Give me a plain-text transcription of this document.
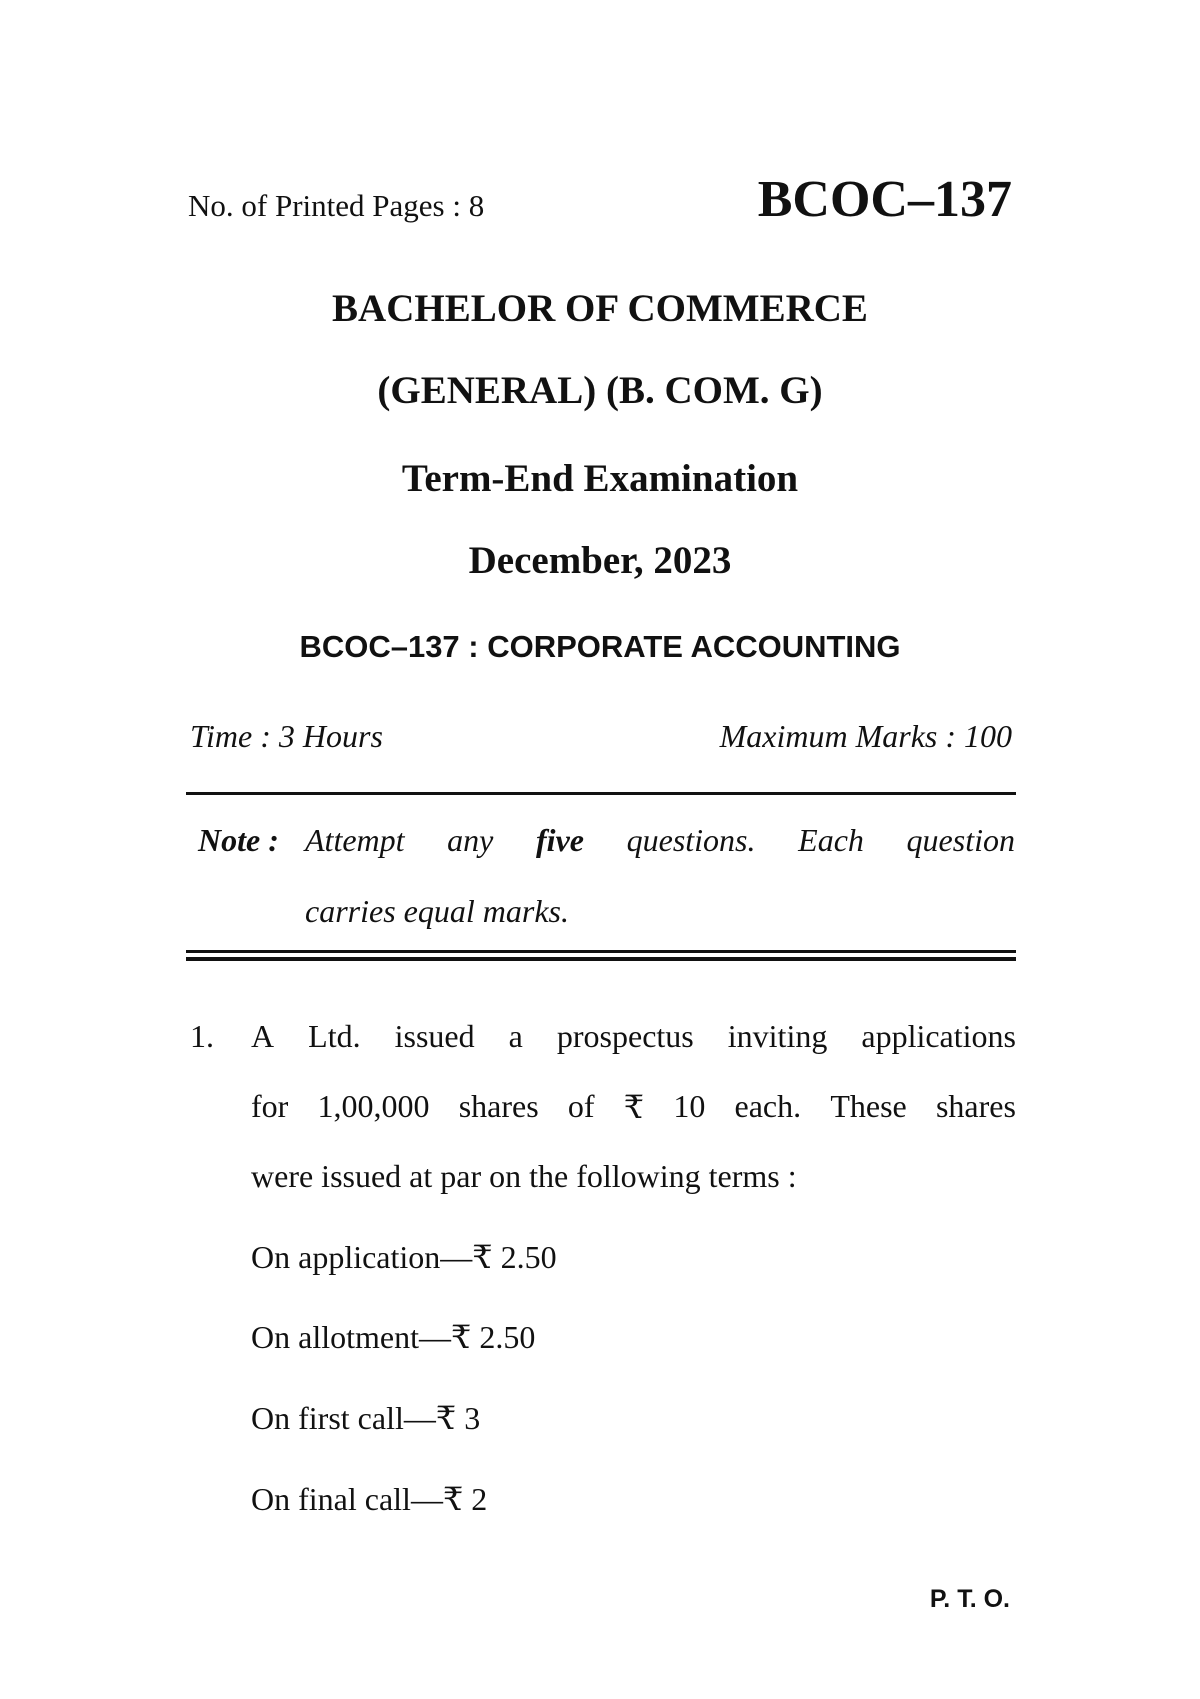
No. of Printed Pages : 8	BCOC–137
BACHELOR OF COMMERCE
(GENERAL) (B. COM. G)
Term-End Examination
December, 2023
BCOC–137 : CORPORATE ACCOUNTING
Time : 3 Hours	Maximum Marks : 100
Note : Attempt any five questions. Each question
carries equal marks.
1. A Ltd. issued a prospectus inviting applications
for 1,00,000 shares of ₹ 10 each. These shares
were issued at par on the following terms :
On application—₹ 2.50
On allotment—₹ 2.50
On first call—₹ 3
On final call—₹ 2
P. T. O.
